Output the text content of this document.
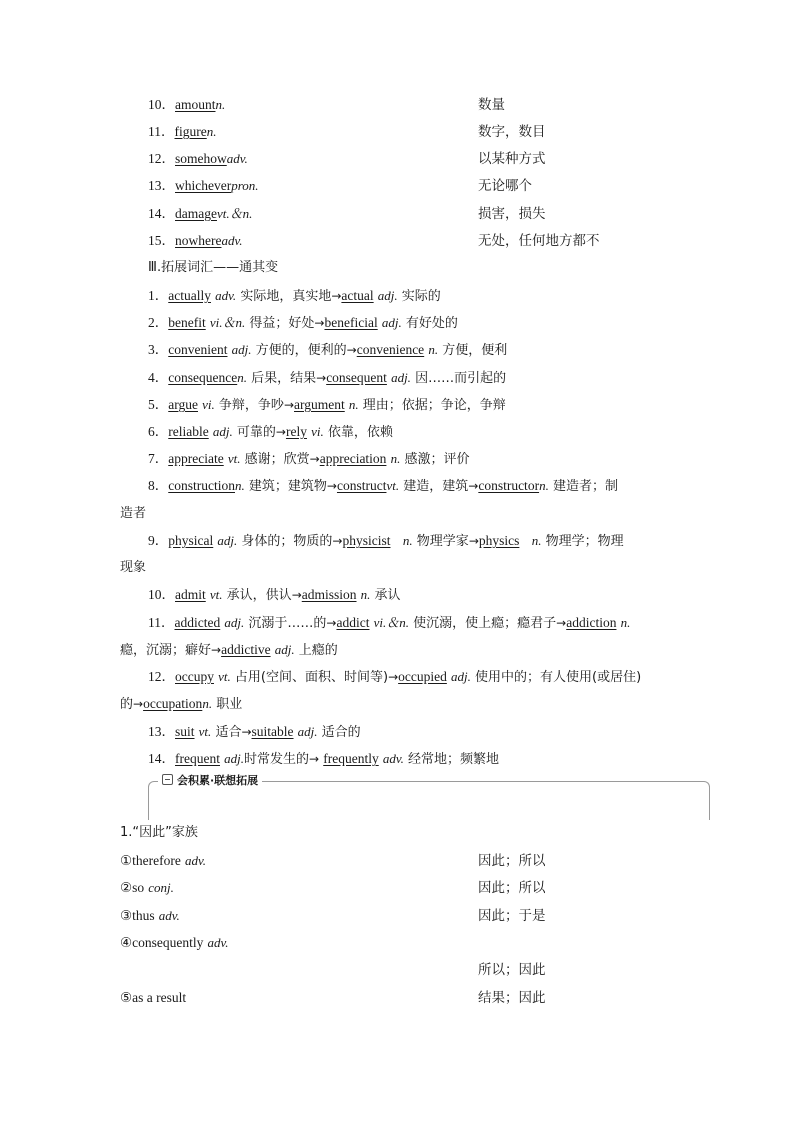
10．amountn.	数量
11．figuren.	数字，数目
12．somehowadv.	以某种方式
13．whicheverpron.	无论哪个
14．damagevt.＆n.	损害，损失
15．nowhereadv.	无处，任何地方都不
Ⅲ.拓展词汇——通其变
1．actually adv. 实际地，真实地→actual adj. 实际的
2．benefit vi.＆n. 得益；好处→beneficial adj. 有好处的
3．convenient adj. 方便的，便利的→convenience n. 方便，便利
4．consequencen. 后果，结果→consequent adj. 因……而引起的
5．argue vi. 争辩，争吵→argument n. 理由；依据；争论，争辩
6．reliable adj. 可靠的→rely vi. 依靠，依赖
7．appreciate vt. 感谢；欣赏→appreciation n. 感激；评价
8．constructionn. 建筑；建筑物→constructvt. 建造，建筑→constructorn. 建造者；制
造者
9．physical adj. 身体的；物质的→physicist n. 物理学家→physics n. 物理学；物理
现象
10．admit vt. 承认，供认→admission n. 承认
11．addicted adj. 沉溺于……的→addict vi.＆n. 使沉溺，使上瘾；瘾君子→addiction n.
瘾，沉溺；癖好→addictive adj. 上瘾的
12．occupy vt. 占用(空间、面积、时间等)→occupied adj. 使用中的；有人使用(或居住)
的→occupationn. 职业
13．suit vt. 适合→suitable adj. 适合的
14．frequent adj.时常发生的→ frequently adv. 经常地；频繁地
会积累·联想拓展
1.“因此”家族
①therefore adv.	因此；所以
②so conj.	因此；所以
③thus adv.	因此；于是
④consequently adv.
所以；因此
⑤as a result	结果；因此
